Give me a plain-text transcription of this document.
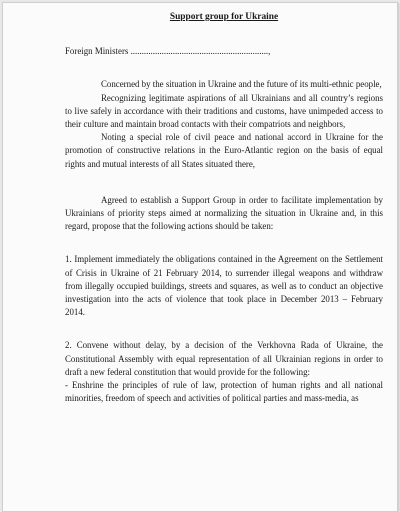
Support group for Ukraine

Foreign Ministers ..............................................................,

Concerned by the situation in Ukraine and the future of its multi-ethnic people,

Recognizing legitimate aspirations of all Ukrainians and all country’s regions to live safely in accordance with their traditions and customs, have unimpeded access to their culture and maintain broad contacts with their compatriots and neighbors,

Noting a special role of civil peace and national accord in Ukraine for the promotion of constructive relations in the Euro-Atlantic region on the basis of equal rights and mutual interests of all States situated there,

Agreed to establish a Support Group in order to facilitate implementation by Ukrainians of priority steps aimed at normalizing the situation in Ukraine and, in this regard, propose that the following actions should be taken:

1. Implement immediately the obligations contained in the Agreement on the Settlement of Crisis in Ukraine of 21 February 2014, to surrender illegal weapons and withdraw from illegally occupied buildings, streets and squares, as well as to conduct an objective investigation into the acts of violence that took place in December 2013 – February 2014.

2. Convene without delay, by a decision of the Verkhovna Rada of Ukraine, the Constitutional Assembly with equal representation of all Ukrainian regions in order to draft a new federal constitution that would provide for the following:

- Enshrine the principles of rule of law, protection of human rights and all national minorities, freedom of speech and activities of political parties and mass-media, as
